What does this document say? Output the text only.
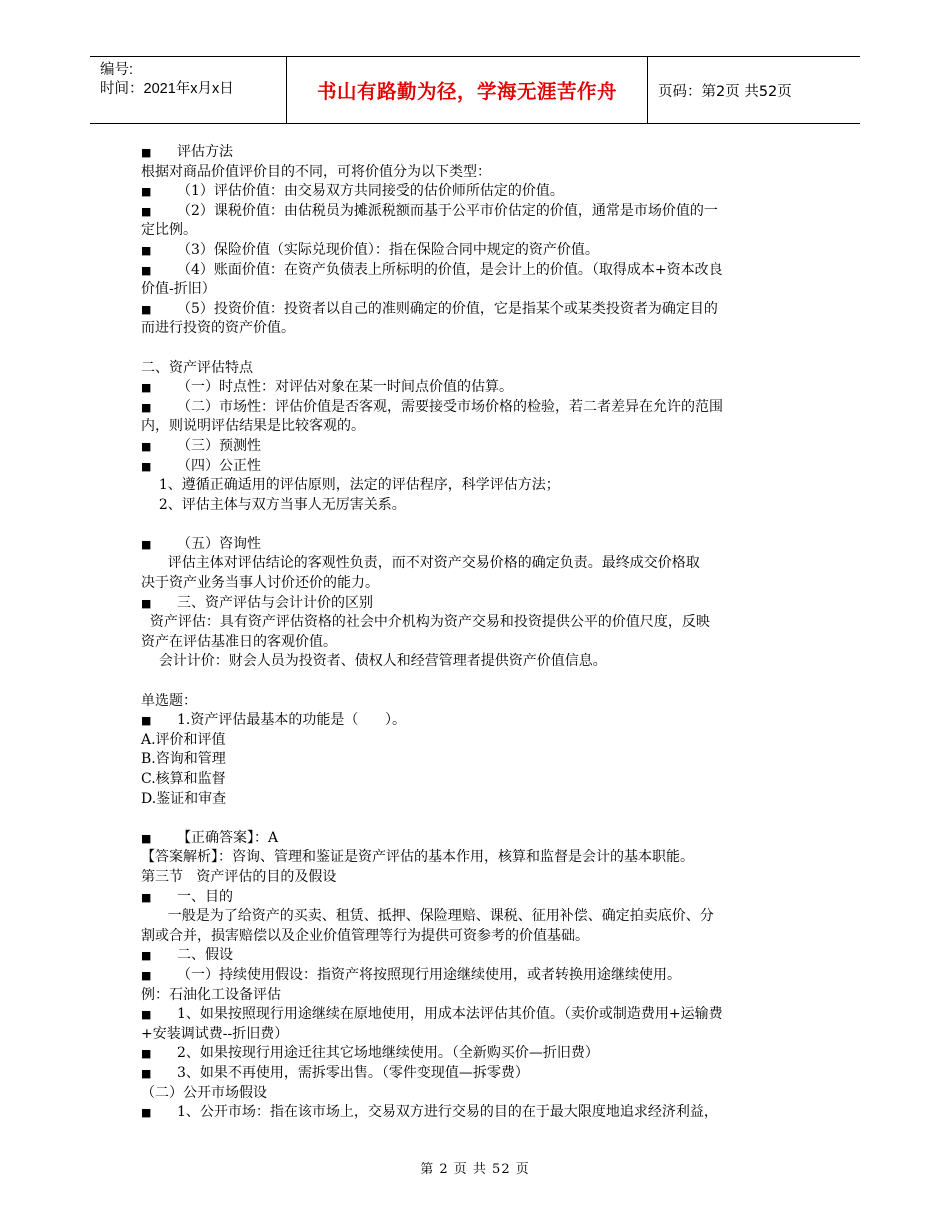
编号:
时间：2021年x月x日	书山有路勤为径，学海无涯苦作舟	页码：第2页 共52页

■ 评估方法

根据对商品价值评价目的不同，可将价值分为以下类型：

■ （1）评估价值：由交易双方共同接受的估价师所估定的价值。

■ （2）课税价值：由估税员为摊派税额而基于公平市价估定的价值，通常是市场价值的一

定比例。

■ （3）保险价值（实际兑现价值）：指在保险合同中规定的资产价值。

■ （4）账面价值：在资产负债表上所标明的价值，是会计上的价值。（取得成本+资本改良

价值-折旧）

■ （5）投资价值：投资者以自己的准则确定的价值，它是指某个或某类投资者为确定目的

而进行投资的资产价值。

二、资产评估特点

■ （一）时点性：对评估对象在某一时间点价值的估算。

■ （二）市场性：评估价值是否客观，需要接受市场价格的检验，若二者差异在允许的范围

内，则说明评估结果是比较客观的。

■ （三）预测性

■ （四）公正性

1、遵循正确适用的评估原则，法定的评估程序，科学评估方法；

2、评估主体与双方当事人无厉害关系。

■ （五）咨询性

评估主体对评估结论的客观性负责，而不对资产交易价格的确定负责。最终成交价格取

决于资产业务当事人讨价还价的能力。

■ 三、资产评估与会计计价的区别

资产评估：具有资产评估资格的社会中介机构为资产交易和投资提供公平的价值尺度，反映

资产在评估基准日的客观价值。

会计计价：财会人员为投资者、债权人和经营管理者提供资产价值信息。

单选题：

■ 1.资产评估最基本的功能是（      ）。

A.评价和评值

B.咨询和管理

C.核算和监督

D.鉴证和审查

■ 【正确答案】：A

【答案解析】：咨询、管理和鉴证是资产评估的基本作用，核算和监督是会计的基本职能。

第三节   资产评估的目的及假设

■ 一、目的

一般是为了给资产的买卖、租赁、抵押、保险理赔、课税、征用补偿、确定拍卖底价、分

割或合并，损害赔偿以及企业价值管理等行为提供可资参考的价值基础。

■ 二、假设

■ （一）持续使用假设：指资产将按照现行用途继续使用，或者转换用途继续使用。

例：石油化工设备评估

■ 1、如果按照现行用途继续在原地使用，用成本法评估其价值。（卖价或制造费用+运输费

+安装调试费--折旧费）

■ 2、如果按现行用途迁往其它场地继续使用。（全新购买价—折旧费）

■ 3、如果不再使用，需拆零出售。（零件变现值—拆零费）

（二）公开市场假设

■ 1、公开市场：指在该市场上，交易双方进行交易的目的在于最大限度地追求经济利益，

第 2 页 共 52 页
